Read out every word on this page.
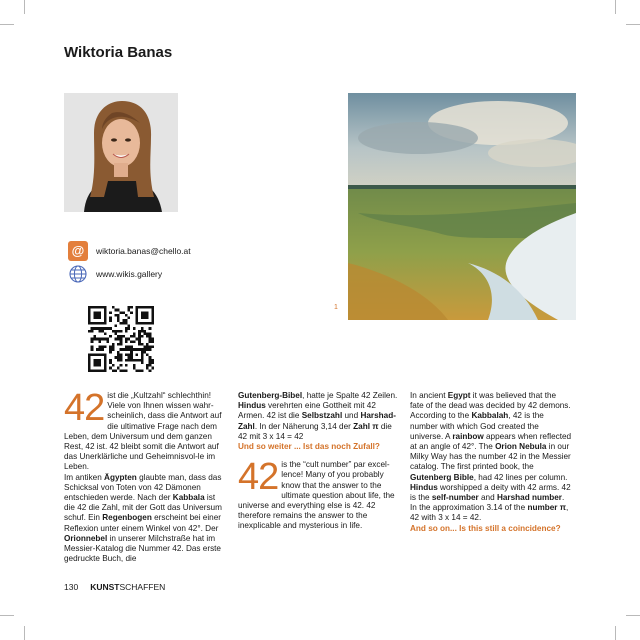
Wiktoria Banas
1
@	wiktoria.banas@chello.at
www.wikis.gallery

42 ist die „Kultzahl“ schlechthin! Viele von Ihnen wissen wahr-scheinlich, dass die Antwort auf die ultimative Frage nach dem Leben, dem Universum und dem ganzen Rest, 42 ist. 42 bleibt somit die Antwort auf das Unerklärliche und Geheimnisvol-le im Leben.

Im antiken Ägypten glaubte man, dass das Schicksal von Toten von 42 Dämonen entschieden werde. Nach der Kabbala ist die 42 die Zahl, mit der Gott das Universum schuf. Ein Regenbogen erscheint bei einer Reflexion unter einem Winkel von 42°. Der Orionnebel in unserer Milchstraße hat im Messier-Katalog die Nummer 42. Das erste gedruckte Buch, die

Gutenberg-Bibel, hatte je Spalte 42 Zeilen. Hindus verehrten eine Gottheit mit 42 Armen. 42 ist die Selbstzahl und Harshad-Zahl. In der Näherung 3,14 der Zahl π die 42 mit 3 x 14 = 42

Und so weiter ... Ist das noch Zufall?

42 is the “cult number” par excel-lence! Many of you probably know that the answer to the ultimate question about life, the universe and everything else is 42. 42 therefore remains the answer to the inexplicable and mysterious in life.

In ancient Egypt it was believed that the fate of the dead was decided by 42 demons. According to the Kabbalah, 42 is the number with which God created the universe. A rainbow appears when reflected at an angle of 42°. The Orion Nebula in our Milky Way has the number 42 in the Messier catalog. The first printed book, the Gutenberg Bible, had 42 lines per column. Hindus worshipped a deity with 42 arms. 42 is the self-number and Harshad number. In the approximation 3.14 of the number π, 42 with 3 x 14 = 42.

And so on... Is this still a coincidence?

130 KUNSTSCHAFFEN
